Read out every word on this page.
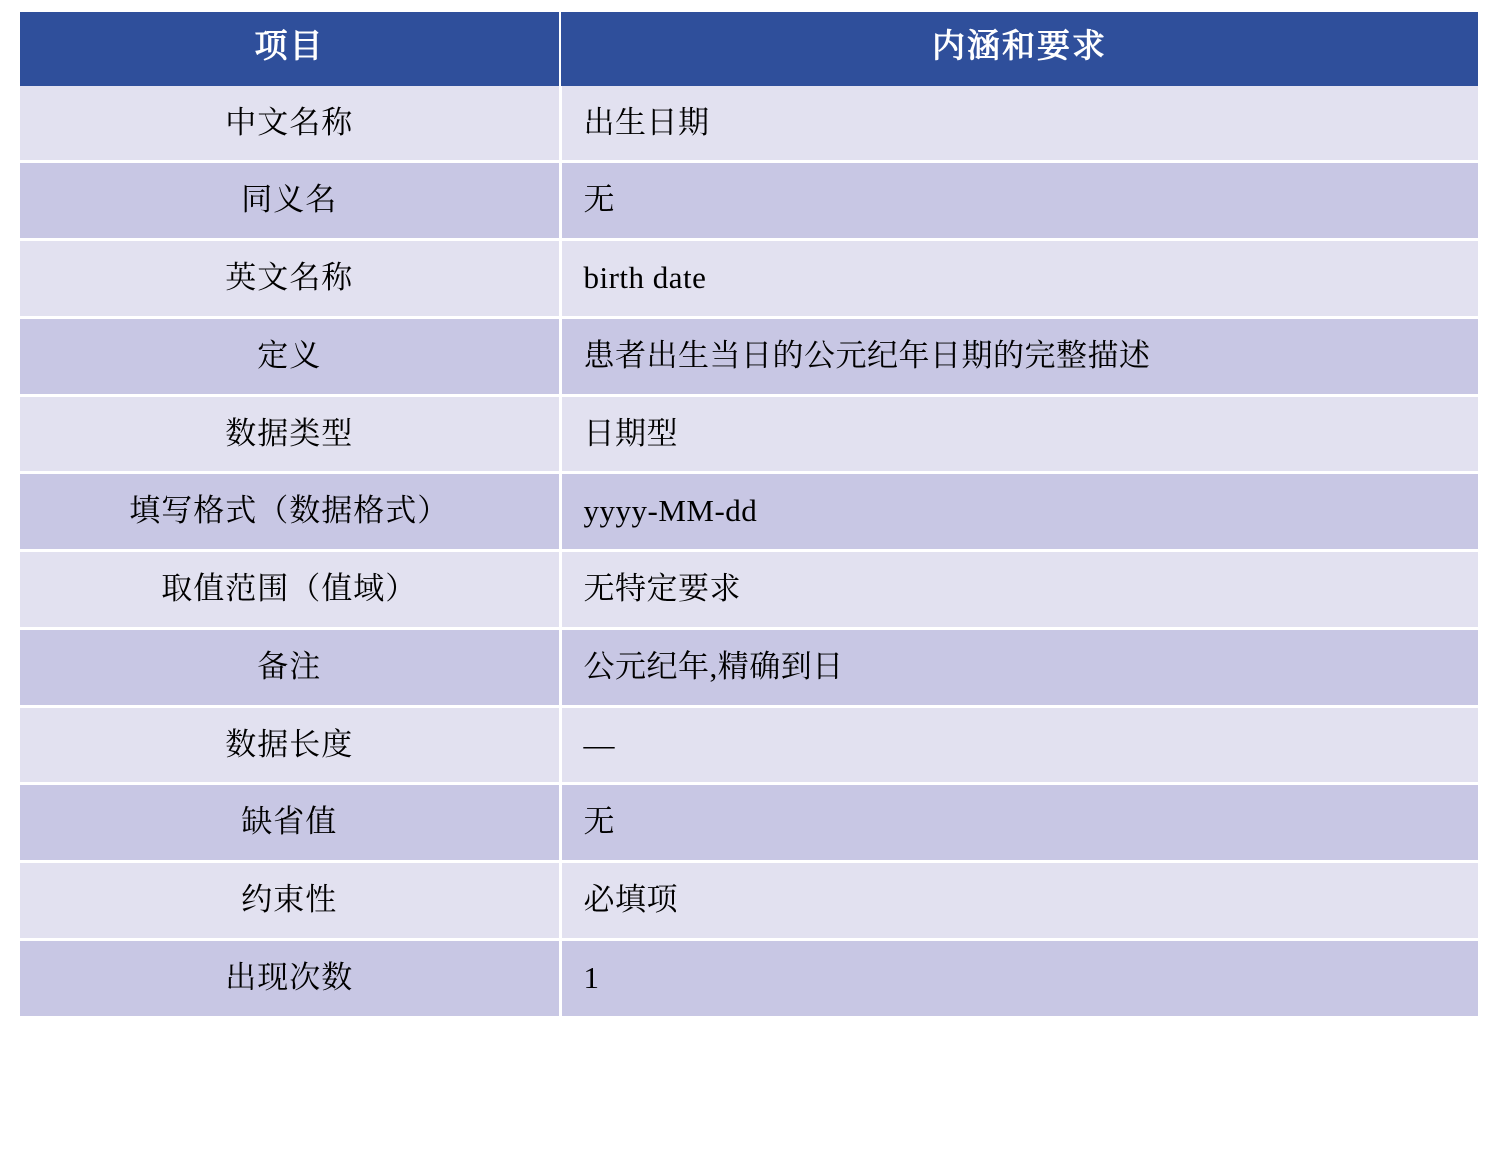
项目	内涵和要求
中文名称	出生日期
同义名	无
英文名称	birth date
定义	患者出生当日的公元纪年日期的完整描述
数据类型	日期型
填写格式（数据格式）	yyyy-MM-dd
取值范围（值域）	无特定要求
备注	公元纪年,精确到日
数据长度	—
缺省值	无
约束性	必填项
出现次数	1
